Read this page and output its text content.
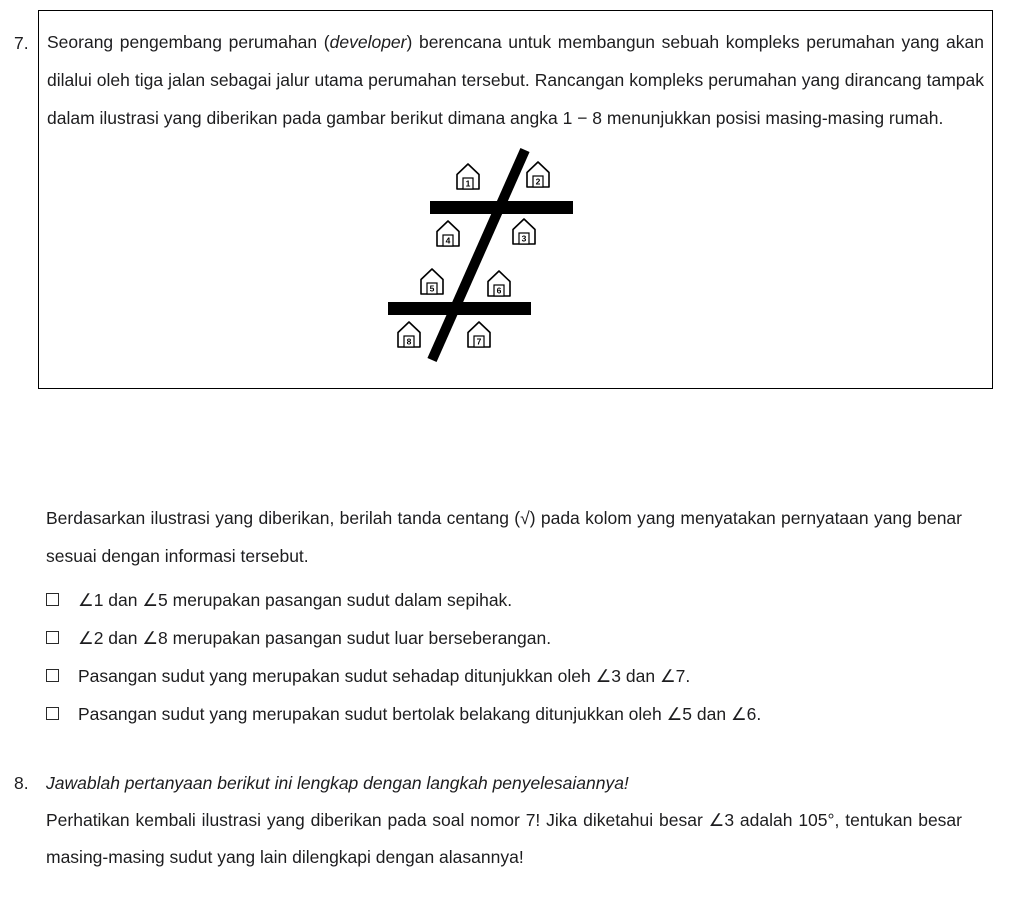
7.	Seorang pengembang perumahan (developer) berencana untuk membangun sebuah kompleks perumahan yang akan dilalui oleh tiga jalan sebagai jalur utama perumahan tersebut. Rancangan kompleks perumahan yang dirancang tampak dalam ilustrasi yang diberikan pada gambar berikut dimana angka 1 − 8 menunjukkan posisi masing-masing rumah.

1	2
4	3
5	6
8	7

Berdasarkan ilustrasi yang diberikan, berilah tanda centang (√) pada kolom yang menyatakan pernyataan yang benar sesuai dengan informasi tersebut.

∠1 dan ∠5 merupakan pasangan sudut dalam sepihak.
∠2 dan ∠8 merupakan pasangan sudut luar berseberangan.
Pasangan sudut yang merupakan sudut sehadap ditunjukkan oleh ∠3 dan ∠7.
Pasangan sudut yang merupakan sudut bertolak belakang ditunjukkan oleh ∠5 dan ∠6.
8. Jawablah pertanyaan berikut ini lengkap dengan langkah penyelesaiannya!

Perhatikan kembali ilustrasi yang diberikan pada soal nomor 7! Jika diketahui besar ∠3 adalah 105°, tentukan besar masing-masing sudut yang lain dilengkapi dengan alasannya!
